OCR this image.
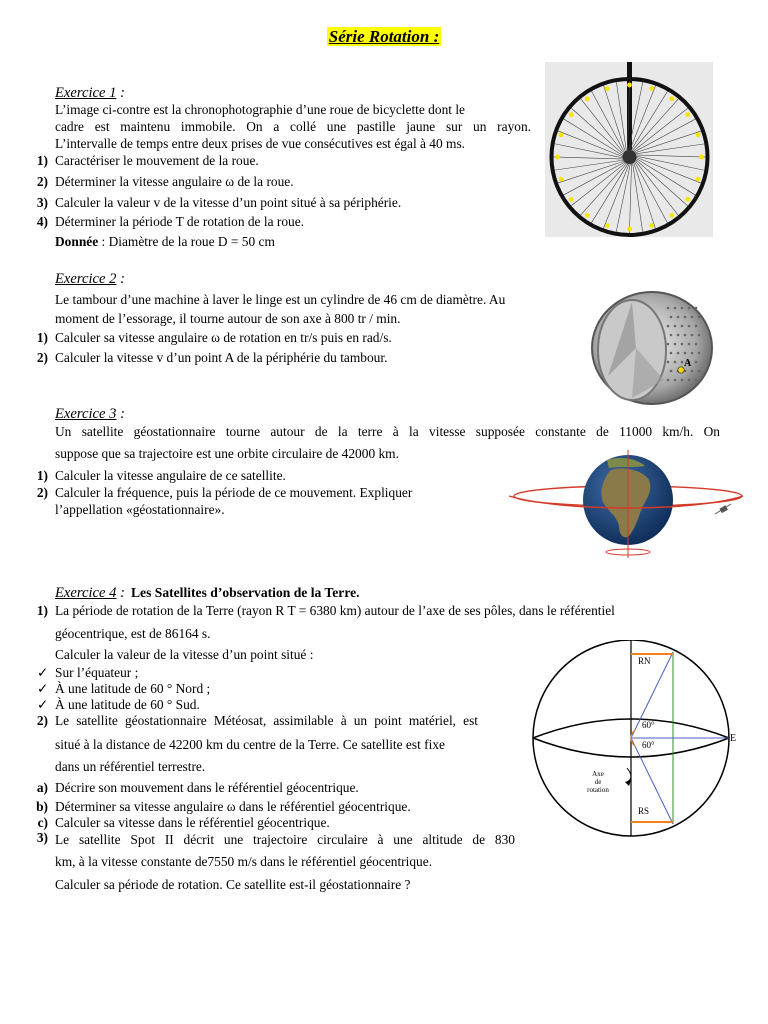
Série Rotation :
Exercice 1 :
L’image ci-contre est la chronophotographie d’une roue de bicyclette dont le
cadre est maintenu immobile. On a collé une pastille jaune sur un rayon.
L’intervalle de temps entre deux prises de vue consécutives est égal à 40 ms.
1) Caractériser le mouvement de la roue.
2) Déterminer la vitesse angulaire ω de la roue.
3) Calculer la valeur v de la vitesse d’un point situé à sa périphérie.
4) Déterminer la période T de rotation de la roue.
Donnée : Diamètre de la roue D = 50 cm
Exercice 2 :
Le tambour d’une machine à laver le linge est un cylindre de 46 cm de diamètre. Au
moment de l’essorage, il tourne autour de son axe à 800 tr / min.
1) Calculer sa vitesse angulaire ω de rotation en tr/s puis en rad/s.
2) Calculer la vitesse v d’un point A de la périphérie du tambour.	A
Exercice 3 :
Un satellite géostationnaire tourne autour de la terre à la vitesse supposée constante de 11000 km/h. On
suppose que sa trajectoire est une orbite circulaire de 42000 km.
1) Calculer la vitesse angulaire de ce satellite.
2) Calculer la fréquence, puis la période de ce mouvement. Expliquer
l’appellation «géostationnaire».
Exercice 4 : Les Satellites d’observation de la Terre.
1) La période de rotation de la Terre (rayon R T = 6380 km) autour de l’axe de ses pôles, dans le référentiel
géocentrique, est de 86164 s.
Calculer la valeur de la vitesse d’un point situé :
✓ Sur l’équateur ;
✓ À une latitude de 60 ° Nord ;
✓ À une latitude de 60 ° Sud.
2) Le satellite géostationnaire Météosat, assimilable à un point matériel, est
situé à la distance de 42200 km du centre de la Terre. Ce satellite est fixe
dans un référentiel terrestre.
a) Décrire son mouvement dans le référentiel géocentrique.
b) Déterminer sa vitesse angulaire ω dans le référentiel géocentrique.
c) Calculer sa vitesse dans le référentiel géocentrique.
3) Le satellite Spot II décrit une trajectoire circulaire à une altitude de 830
km, à la vitesse constante de7550 m/s dans le référentiel géocentrique.
Calculer sa période de rotation. Ce satellite est-il géostationnaire ?
60°
60°
RN
RS
E
Axe
de
rotation
